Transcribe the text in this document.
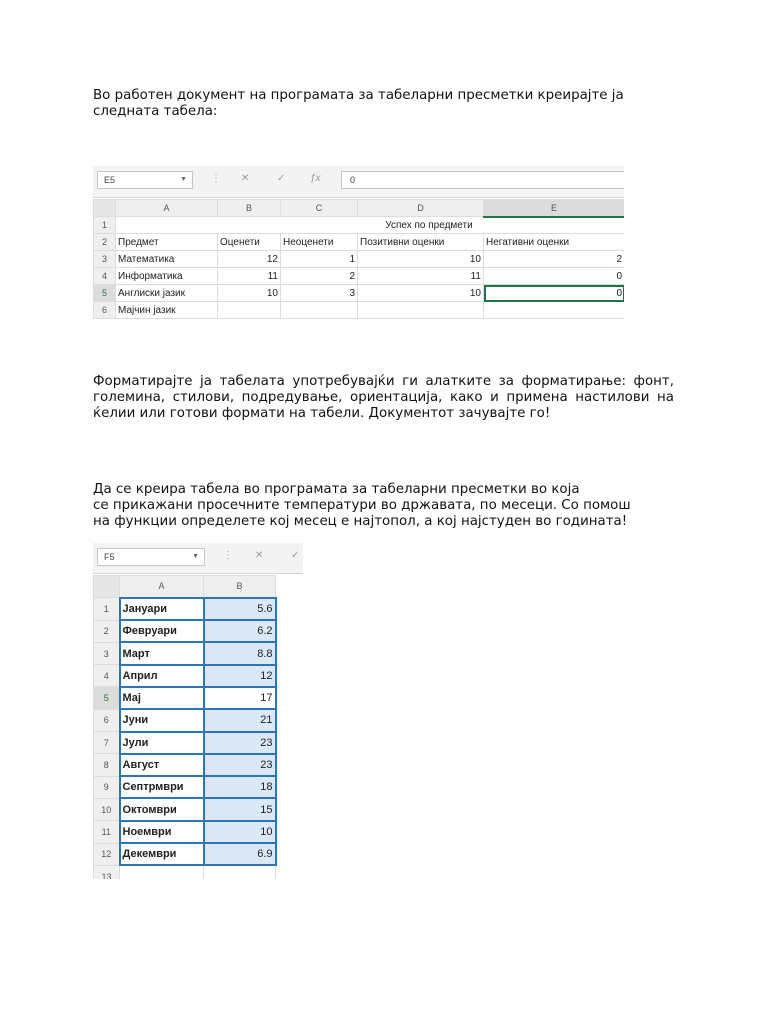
Во работен документ на програмата за табеларни пресметки креирајте ја
следната табела:
E5	▼ ⋮ ✕	✓ ƒx	0
	A	B	C	D	E
1	Успех по предмети				
2	Предмет	Оценети	Неоценети	Позитивни оценки	Негативни оценки
3	Математика	12	1	10	2
4	Информатика	11	2	11	0
5	Англиски јазик	10	3	10	0
6	Мајчин јазик				
Форматирајте ја табелата употребувајќи ги алатките за форматирање: фонт, големина, стилови, подредување, ориентација, како и примена настилови на ќелии или готови формати на табели. Документот зачувајте го!
Да се креира табела во програмата за табеларни пресметки во која
се прикажани просечните температури во државата, по месеци. Со помош
на функции определете кој месец е најтопол, а кој најстуден во годината!
F5	▼ ⋮ ✕	✓
	A	B
1	Јануари	5.6
2	Февруари	6.2
3	Март	8.8
4	Април	12
5	Мај	17
6	Јуни	21
7	Јули	23
8	Август	23
9	Септрмври	18
10	Октомври	15
11	Ноември	10
12	Декември	6.9
13		
